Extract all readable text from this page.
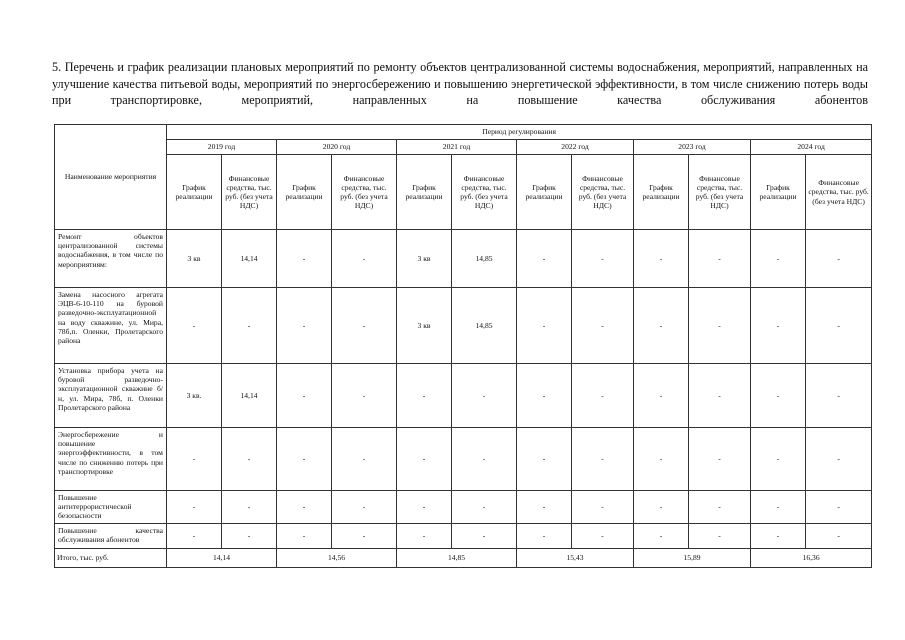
5. Перечень и график реализации плановых мероприятий по ремонту объектов централизованной системы водоснабжения, мероприятий, направленных на улучшение качества питьевой воды, мероприятий по энергосбережению и повышению энергетической эффективности, в том числе снижению потерь воды при транспортировке, мероприятий, направленных на повышение качества обслуживания абонентов
Наименование мероприятия	Период регулирования											
	2019 год		2020 год		2021 год		2022 год		2023 год		2024 год	
	График реализации	Финансовые средства, тыс. руб. (без учета НДС)	График реализации	Финансовые средства, тыс. руб. (без учета НДС)	График реализации	Финансовые средства, тыс. руб. (без учета НДС)	График реализации	Финансовые средства, тыс. руб. (без учета НДС)	График реализации	Финансовые средства, тыс. руб. (без учета НДС)	График реализации	Финансовые средства, тыс. руб. (без учета НДС)
Ремонт объектов централизованной системы водоснабжения, в том числе по мероприятиям:	3 кв	14,14	-	-	3 кв	14,85	-	-	-	-	-	-
Замена насосного агрегата ЭЦВ-6-10-110 на буровой разведочно-эксплуатационной на воду скважине, ул. Мира, 78б,п. Оленки, Пролетарского района	-	-	-	-	3 кв	14,85	-	-	-	-	-	-
Установка прибора учета на буровой разведочно-эксплуатационной скважине б/н, ул. Мира, 78б, п. Оленки Пролетарского района	3 кв.	14,14	-	-	-	-	-	-	-	-	-	-
Энергосбережение и повышение энергоэффективности, в том числе по снижению потерь при транспортировке	-	-	-	-	-	-	-	-	-	-	-	-
Повышение антитеррористической безопасности	-	-	-	-	-	-	-	-	-	-	-	-
Повышение качества обслуживания абонентов	-	-	-	-	-	-	-	-	-	-	-	-
Итого, тыс. руб.	14,14		14,56		14,85		15,43		15,89		16,36	
